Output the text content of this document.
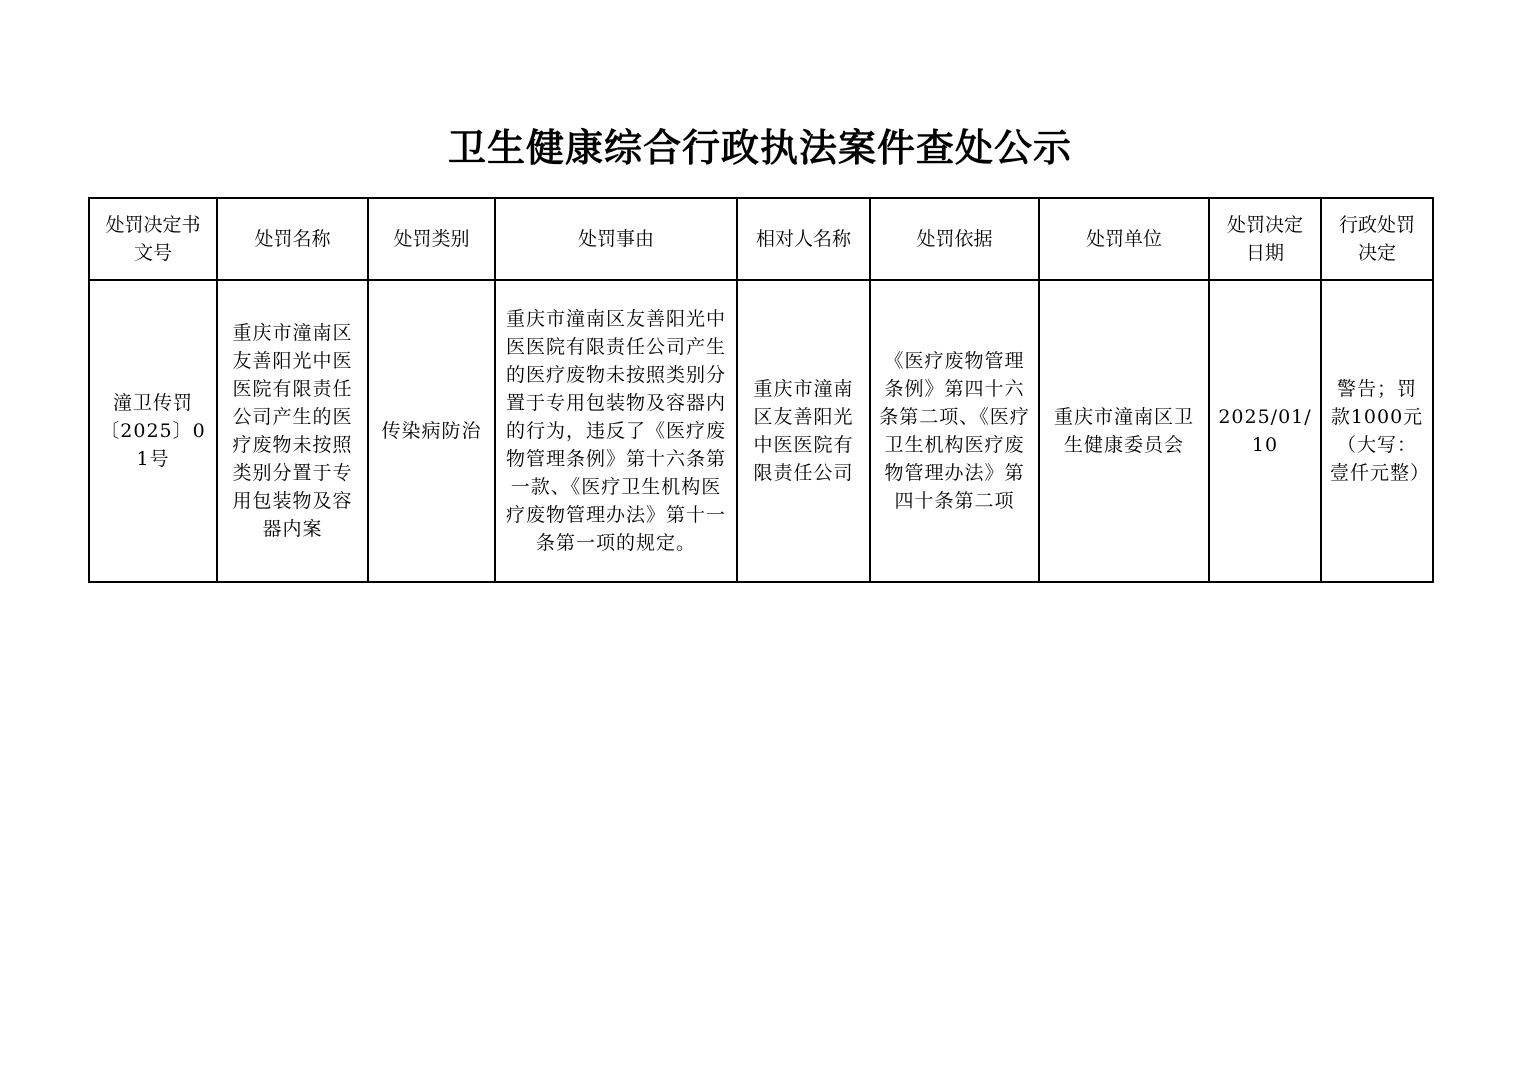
卫生健康综合行政执法案件查处公示
处罚决定书文号	处罚名称	处罚类别	处罚事由	相对人名称	处罚依据	处罚单位	处罚决定日期	行政处罚决定
潼卫传罚〔2025〕01号	重庆市潼南区友善阳光中医医院有限责任公司产生的医疗废物未按照类别分置于专用包装物及容器内案	传染病防治	重庆市潼南区友善阳光中医医院有限责任公司产生的医疗废物未按照类别分置于专用包装物及容器内的行为，违反了《医疗废物管理条例》第十六条第一款、《医疗卫生机构医疗废物管理办法》第十一条第一项的规定。	重庆市潼南区友善阳光中医医院有限责任公司	《医疗废物管理条例》第四十六条第二项、《医疗卫生机构医疗废物管理办法》第四十条第二项	重庆市潼南区卫生健康委员会	2025/01/10	警告；罚款1000元（大写：壹仟元整）
